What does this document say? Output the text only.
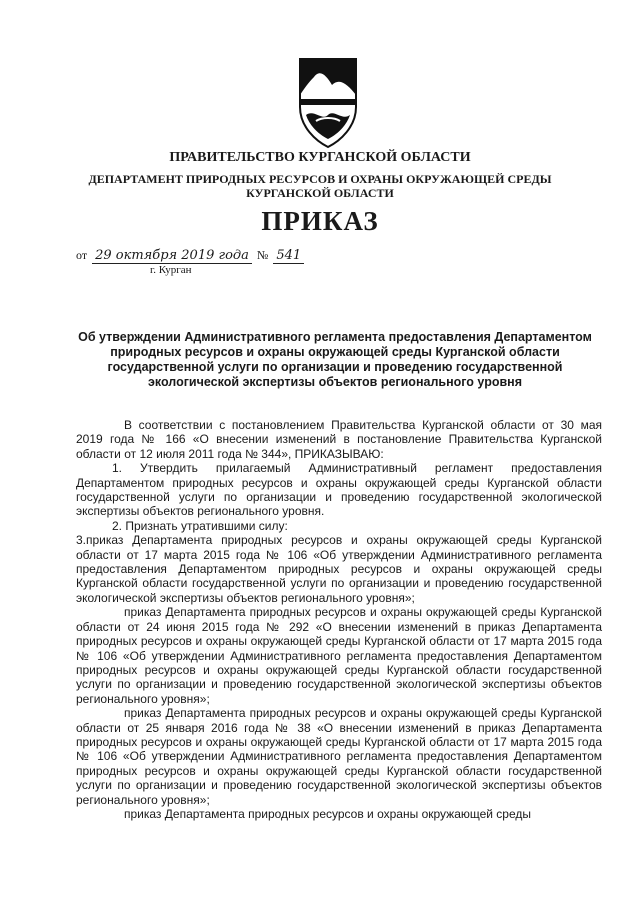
ПРАВИТЕЛЬСТВО КУРГАНСКОЙ ОБЛАСТИ
ДЕПАРТАМЕНТ ПРИРОДНЫХ РЕСУРСОВ И ОХРАНЫ ОКРУЖАЮЩЕЙ СРЕДЫ
КУРГАНСКОЙ ОБЛАСТИ
ПРИКАЗ
от 29 октября 2019 года № 541
г. Курган
Об утверждении Административного регламента предоставления Департаментом природных ресурсов и охраны окружающей среды Курганской области государственной услуги по организации и проведению государственной экологической экспертизы объектов регионального уровня

В соответствии с постановлением Правительства Курганской области от 30 мая 2019 года № 166 «О внесении изменений в постановление Правительства Курганской области от 12 июля 2011 года № 344», ПРИКАЗЫВАЮ:

1. Утвердить прилагаемый Административный регламент предоставления Департаментом природных ресурсов и охраны окружающей среды Курганской области государственной услуги по организации и проведению государственной экологической экспертизы объектов регионального уровня.

2. Признать утратившими силу:

3.приказ Департамента природных ресурсов и охраны окружающей среды Курганской области от 17 марта 2015 года № 106 «Об утверждении Административного регламента предоставления Департаментом природных ресурсов и охраны окружающей среды Курганской области государственной услуги по организации и проведению государственной экологической экспертизы объектов регионального уровня»;

приказ Департамента природных ресурсов и охраны окружающей среды Курганской области от 24 июня 2015 года № 292 «О внесении изменений в приказ Департамента природных ресурсов и охраны окружающей среды Курганской области от 17 марта 2015 года № 106 «Об утверждении Административного регламента предоставления Департаментом природных ресурсов и охраны окружающей среды Курганской области государственной услуги по организации и проведению государственной экологической экспертизы объектов регионального уровня»;

приказ Департамента природных ресурсов и охраны окружающей среды Курганской области от 25 января 2016 года № 38 «О внесении изменений в приказ Департамента природных ресурсов и охраны окружающей среды Курганской области от 17 марта 2015 года № 106 «Об утверждении Административного регламента предоставления Департаментом природных ресурсов и охраны окружающей среды Курганской области государственной услуги по организации и проведению государственной экологической экспертизы объектов регионального уровня»;

приказ Департамента природных ресурсов и охраны окружающей среды
